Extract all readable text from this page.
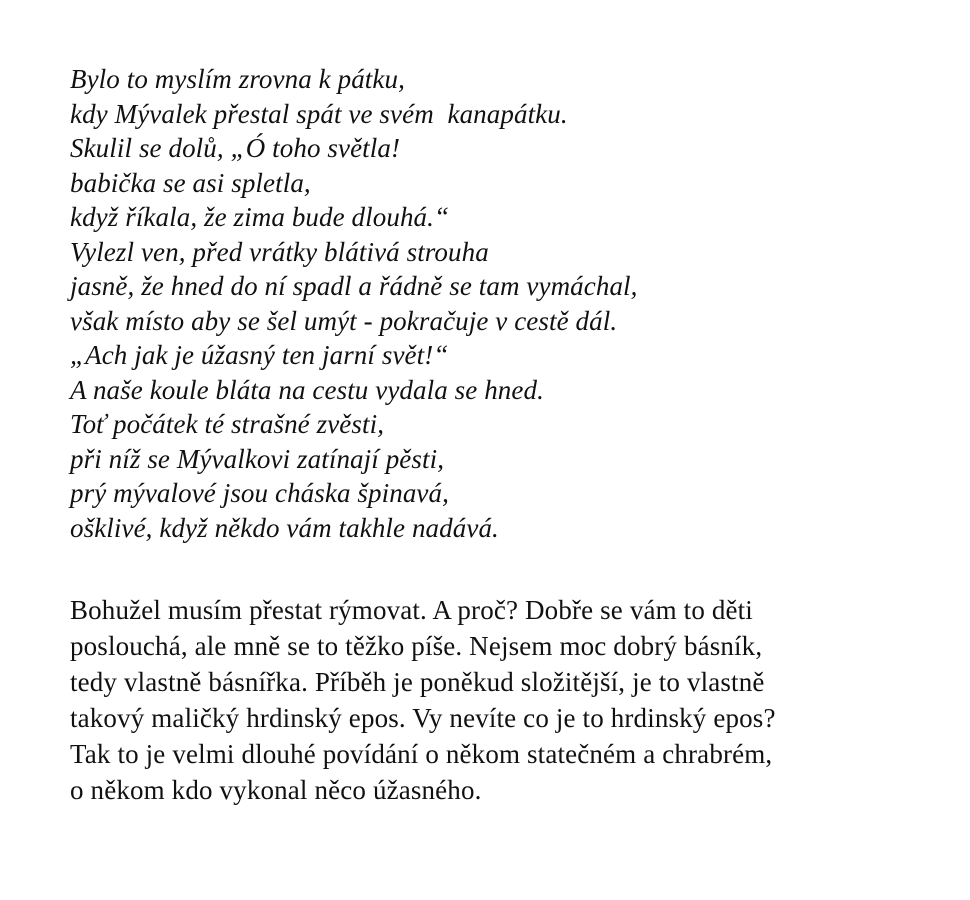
Bylo to myslím zrovna k pátku,
kdy Mývalek přestal spát ve svém  kanapátku.
Skulil se dolů, „Ó toho světla!
babička se asi spletla,
když říkala, že zima bude dlouhá.“
Vylezl ven, před vrátky blátivá strouha
jasně, že hned do ní spadl a řádně se tam vymáchal,
však místo aby se šel umýt - pokračuje v cestě dál.
„Ach jak je úžasný ten jarní svět!“
A naše koule bláta na cestu vydala se hned.
Toť počátek té strašné zvěsti,
při níž se Mývalkovi zatínají pěsti,
prý mývalové jsou cháska špinavá,
ošklivé, když někdo vám takhle nadává.
Bohužel musím přestat rýmovat. A proč? Dobře se vám to děti
poslouchá, ale mně se to těžko píše. Nejsem moc dobrý básník,
tedy vlastně básnířka. Příběh je poněkud složitější, je to vlastně
takový maličký hrdinský epos. Vy nevíte co je to hrdinský epos?
Tak to je velmi dlouhé povídání o někom statečném a chrabrém,
o někom kdo vykonal něco úžasného.
